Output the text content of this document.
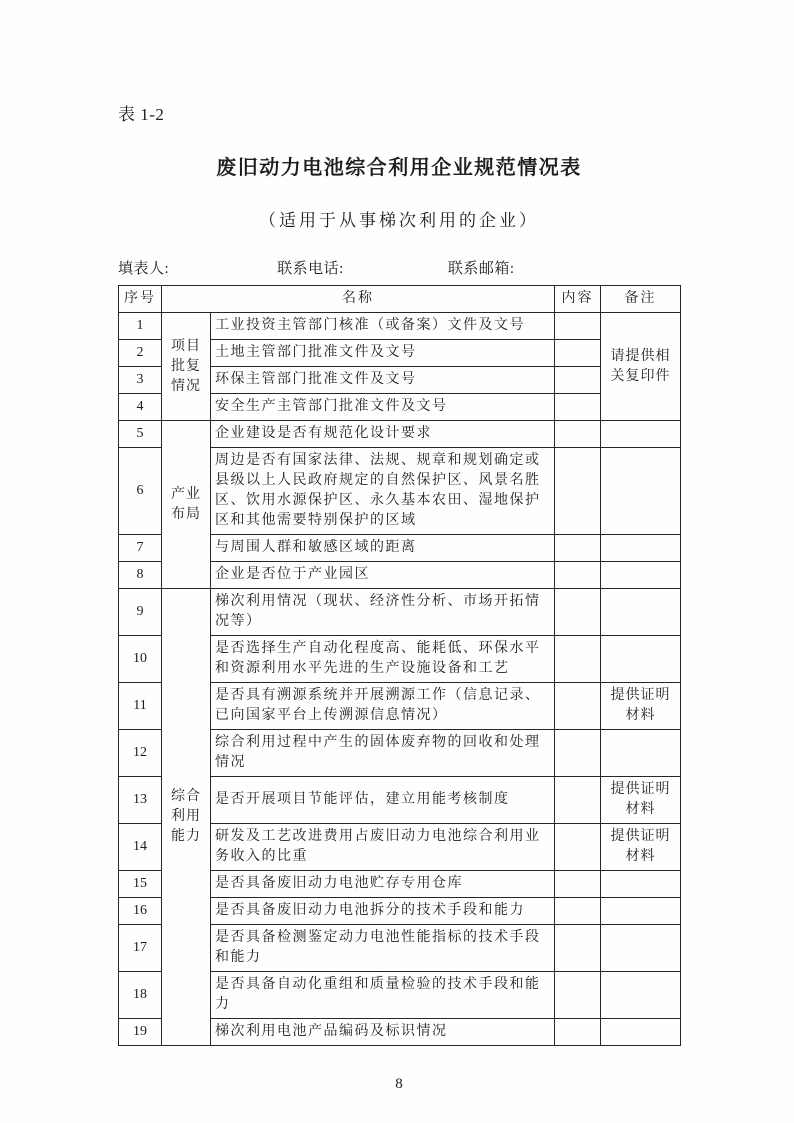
表 1-2
废旧动力电池综合利用企业规范情况表
（适用于从事梯次利用的企业）
填表人:	联系电话:	联系邮箱:
序号	名称		内容	备注
1	项目批复情况	工业投资主管部门核准（或备案）文件及文号		请提供相关复印件
2		土地主管部门批准文件及文号		
3		环保主管部门批准文件及文号		
4		安全生产主管部门批准文件及文号		
5	产业布局	企业建设是否有规范化设计要求		
6		周边是否有国家法律、法规、规章和规划确定或县级以上人民政府规定的自然保护区、风景名胜区、饮用水源保护区、永久基本农田、湿地保护区和其他需要特别保护的区域		
7		与周围人群和敏感区域的距离		
8		企业是否位于产业园区		
9	综合利用能力	梯次利用情况（现状、经济性分析、市场开拓情况等）		
10		是否选择生产自动化程度高、能耗低、环保水平和资源利用水平先进的生产设施设备和工艺		
11		是否具有溯源系统并开展溯源工作（信息记录、已向国家平台上传溯源信息情况）		提供证明材料
12		综合利用过程中产生的固体废弃物的回收和处理情况		
13		是否开展项目节能评估，建立用能考核制度		提供证明材料
14		研发及工艺改进费用占废旧动力电池综合利用业务收入的比重		提供证明材料
15		是否具备废旧动力电池贮存专用仓库		
16		是否具备废旧动力电池拆分的技术手段和能力		
17		是否具备检测鉴定动力电池性能指标的技术手段和能力		
18		是否具备自动化重组和质量检验的技术手段和能力		
19		梯次利用电池产品编码及标识情况		
8
